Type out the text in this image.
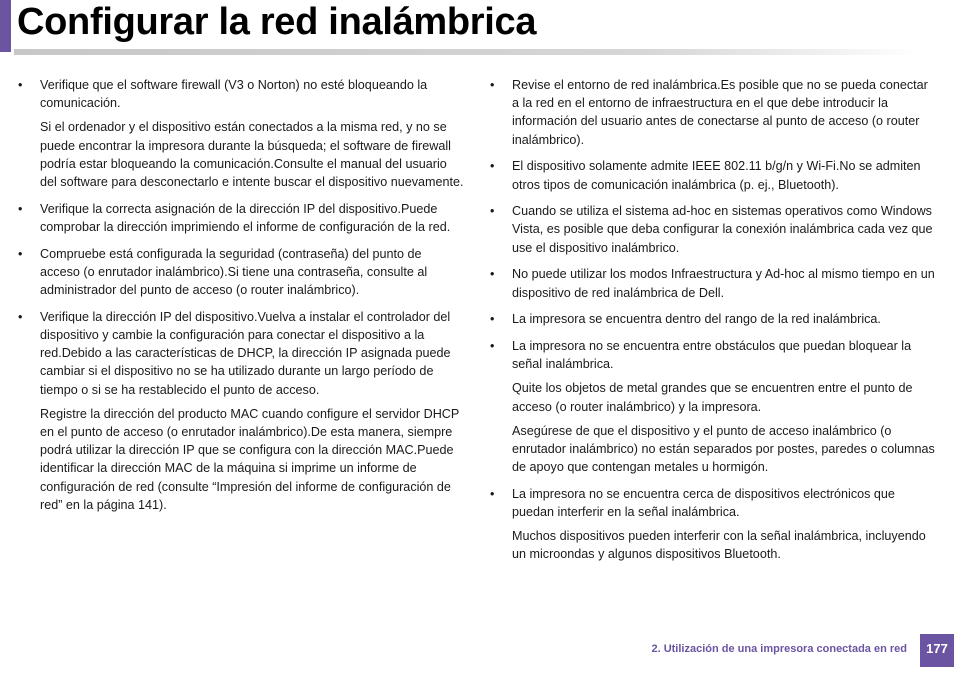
Configurar la red inalámbrica
•	Verifique que el software firewall (V3 o Norton) no esté bloqueando la comunicación.

Si el ordenador y el dispositivo están conectados a la misma red, y no se puede encontrar la impresora durante la búsqueda; el software de firewall podría estar bloqueando la comunicación.Consulte el manual del usuario del software para desconectarlo e intente buscar el dispositivo nuevamente.

•	Verifique la correcta asignación de la dirección IP del dispositivo.Puede comprobar la dirección imprimiendo el informe de configuración de la red.

•	Compruebe está configurada la seguridad (contraseña) del punto de acceso (o enrutador inalámbrico).Si tiene una contraseña, consulte al administrador del punto de acceso (o router inalámbrico).

•	Verifique la dirección IP del dispositivo.Vuelva a instalar el controlador del dispositivo y cambie la configuración para conectar el dispositivo a la red.Debido a las características de DHCP, la dirección IP asignada puede cambiar si el dispositivo no se ha utilizado durante un largo período de tiempo o si se ha restablecido el punto de acceso.

Registre la dirección del producto MAC cuando configure el servidor DHCP en el punto de acceso (o enrutador inalámbrico).De esta manera, siempre podrá utilizar la dirección IP que se configura con la dirección MAC.Puede identificar la dirección MAC de la máquina si imprime un informe de configuración de red (consulte “Impresión del informe de configuración de red” en la página 141).

•	Revise el entorno de red inalámbrica.Es posible que no se pueda conectar a la red en el entorno de infraestructura en el que debe introducir la información del usuario antes de conectarse al punto de acceso (o router inalámbrico).

•	El dispositivo solamente admite IEEE 802.11 b/g/n y Wi-Fi.No se admiten otros tipos de comunicación inalámbrica (p. ej., Bluetooth).

•	Cuando se utiliza el sistema ad-hoc en sistemas operativos como Windows Vista, es posible que deba configurar la conexión inalámbrica cada vez que use el dispositivo inalámbrico.

•	No puede utilizar los modos Infraestructura y Ad-hoc al mismo tiempo en un dispositivo de red inalámbrica de Dell.

•	La impresora se encuentra dentro del rango de la red inalámbrica.

•	La impresora no se encuentra entre obstáculos que puedan bloquear la señal inalámbrica.

Quite los objetos de metal grandes que se encuentren entre el punto de acceso (o router inalámbrico) y la impresora.

Asegúrese de que el dispositivo y el punto de acceso inalámbrico (o enrutador inalámbrico) no están separados por postes, paredes o columnas de apoyo que contengan metales u hormigón.

•	La impresora no se encuentra cerca de dispositivos electrónicos que puedan interferir en la señal inalámbrica.

Muchos dispositivos pueden interferir con la señal inalámbrica, incluyendo un microondas y algunos dispositivos Bluetooth.

2. Utilización de una impresora conectada en red	177
